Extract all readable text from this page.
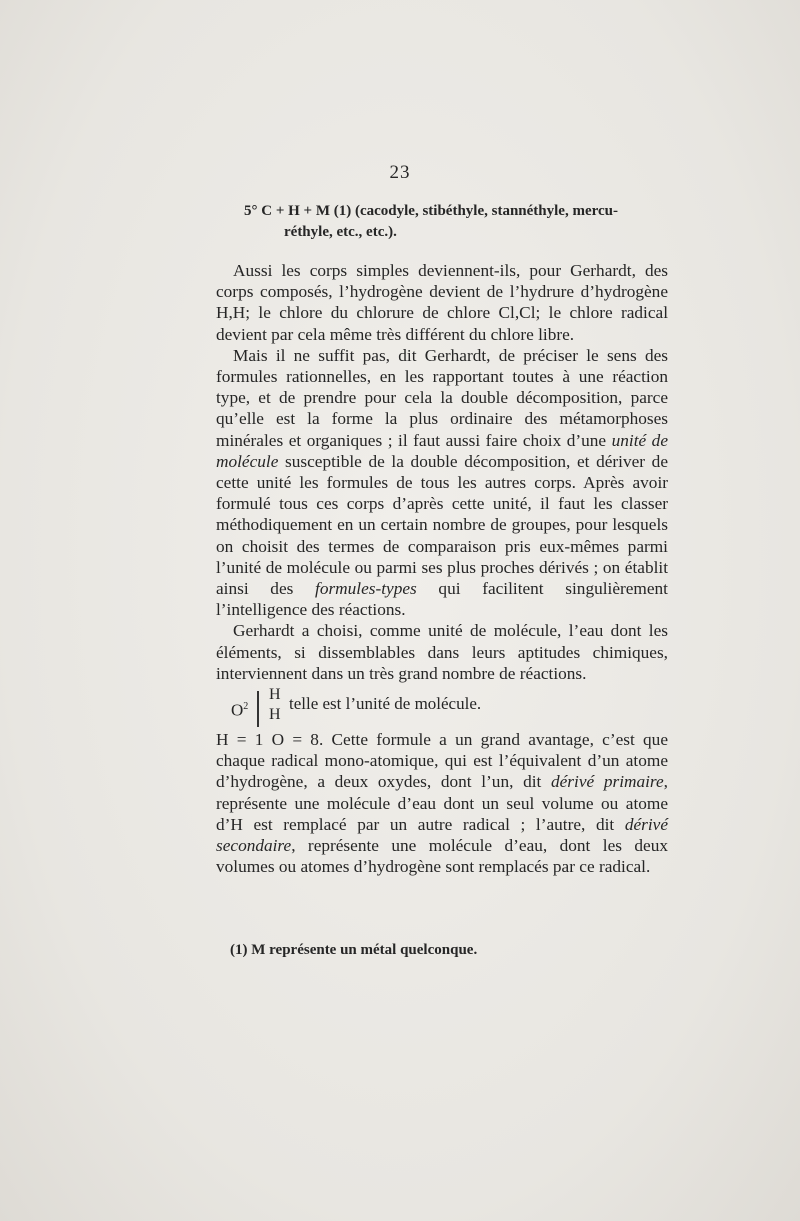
23
5° C + H + M (1) (cacodyle, stibéthyle, stannéthyle, mercu-
réthyle, etc., etc.).

Aussi les corps simples deviennent-ils, pour Gerhardt, des corps composés, l’hydrogène devient de l’hydrure d’hydrogène H,H; le chlore du chlorure de chlore Cl,Cl; le chlore radical devient par cela même très différent du chlore libre.

Mais il ne suffit pas, dit Gerhardt, de préciser le sens des formules rationnelles, en les rapportant toutes à une réaction type, et de prendre pour cela la double décomposition, parce qu’elle est la forme la plus ordinaire des métamorphoses minérales et organiques ; il faut aussi faire choix d’une unité de molécule susceptible de la double décomposition, et dériver de cette unité les formules de tous les autres corps. Après avoir formulé tous ces corps d’après cette unité, il faut les classer méthodiquement en un certain nombre de groupes, pour lesquels on choisit des termes de comparaison pris eux-mêmes parmi l’unité de molécule ou parmi ses plus proches dérivés ; on établit ainsi des formules-types qui facilitent singulièrement l’intelligence des réactions.

Gerhardt a choisi, comme unité de molécule, l’eau dont les éléments, si dissemblables dans leurs aptitudes chimiques, interviennent dans un très grand nombre de réactions.

$O^2$
H
H
telle est l’unité de molécule.

H = 1 O = 8. Cette formule a un grand avantage, c’est que chaque radical mono-atomique, qui est l’équivalent d’un atome d’hydrogène, a deux oxydes, dont l’un, dit dérivé primaire, représente une molécule d’eau dont un seul volume ou atome d’H est remplacé par un autre radical ; l’autre, dit dérivé secondaire, représente une molécule d’eau, dont les deux volumes ou atomes d’hydrogène sont remplacés par ce radical.

(1) M représente un métal quelconque.
